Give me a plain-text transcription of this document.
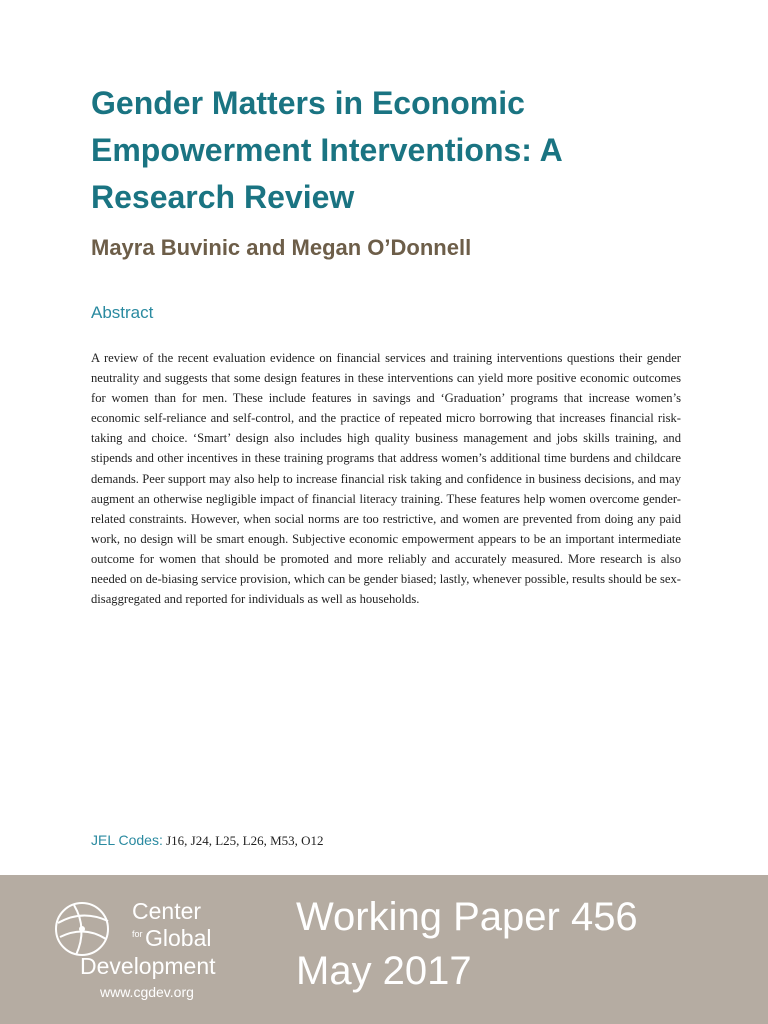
Gender Matters in Economic Empowerment Interventions: A Research Review
Mayra Buvinic and Megan O’Donnell
Abstract

A review of the recent evaluation evidence on financial services and training interventions questions their gender neutrality and suggests that some design features in these interventions can yield more positive economic outcomes for women than for men. These include features in savings and ‘Graduation’ programs that increase women’s economic self-reliance and self-control, and the practice of repeated micro borrowing that increases financial risk-taking and choice. ‘Smart’ design also includes high quality business management and jobs skills training, and stipends and other incentives in these training programs that address women’s additional time burdens and childcare demands. Peer support may also help to increase financial risk taking and confidence in business decisions, and may augment an otherwise negligible impact of financial literacy training. These features help women overcome gender-related constraints. However, when social norms are too restrictive, and women are prevented from doing any paid work, no design will be smart enough. Subjective economic empowerment appears to be an important intermediate outcome for women that should be promoted and more reliably and accurately measured. More research is also needed on de-biasing service provision, which can be gender biased; lastly, whenever possible, results should be sex-disaggregated and reported for individuals as well as households.

JEL Codes: J16, J24, L25, L26, M53, O12

Center
for Global
Development
www.cgdev.org
Working Paper 456
May 2017
